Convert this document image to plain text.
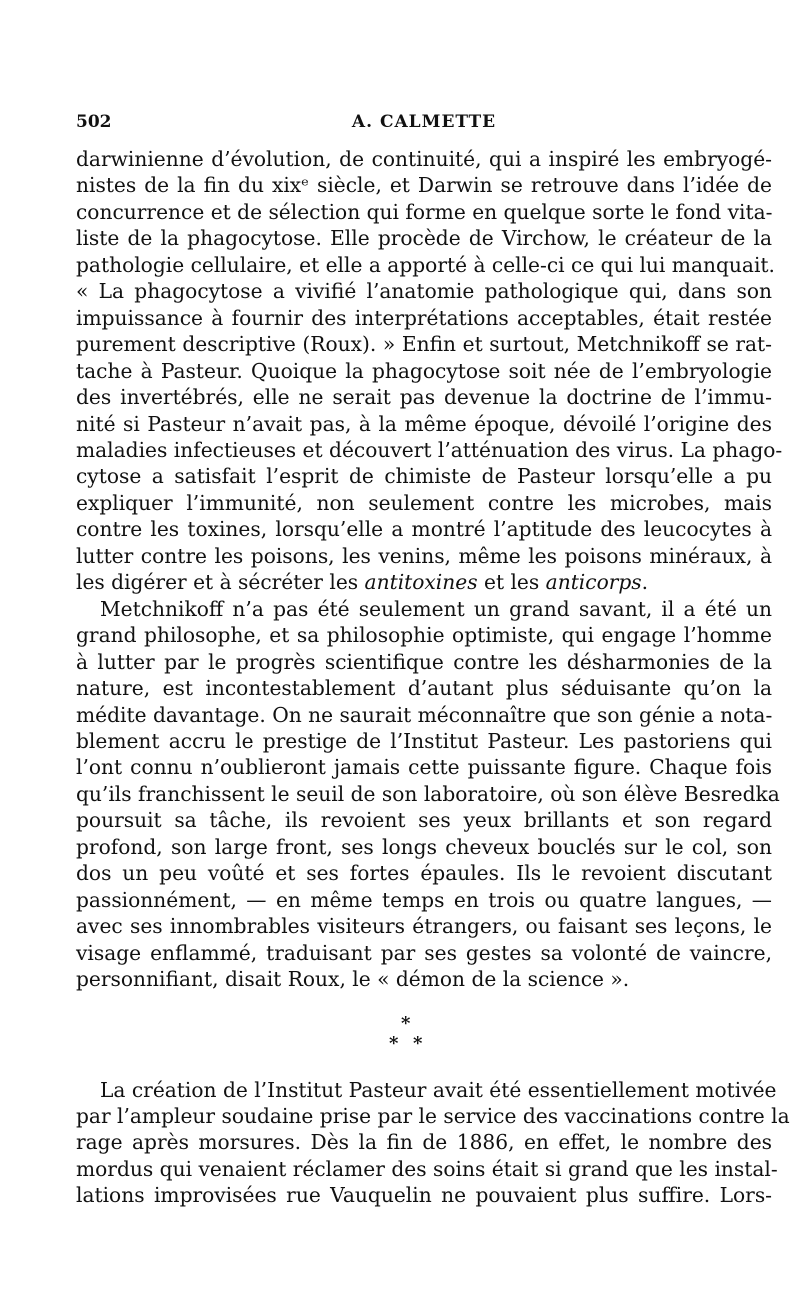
502	A. CALMETTE
darwinienne d’évolution, de continuité, qui a inspiré les embryogé-
nistes de la fin du xixᵉ siècle, et Darwin se retrouve dans l’idée de
concurrence et de sélection qui forme en quelque sorte le fond vita-
liste de la phagocytose. Elle procède de Virchow, le créateur de la
pathologie cellulaire, et elle a apporté à celle-ci ce qui lui manquait.
« La phagocytose a vivifié l’anatomie pathologique qui, dans son
impuissance à fournir des interprétations acceptables, était restée
purement descriptive (Roux). » Enfin et surtout, Metchnikoff se rat-
tache à Pasteur. Quoique la phagocytose soit née de l’embryologie
des invertébrés, elle ne serait pas devenue la doctrine de l’immu-
nité si Pasteur n’avait pas, à la même époque, dévoilé l’origine des
maladies infectieuses et découvert l’atténuation des virus. La phago-
cytose a satisfait l’esprit de chimiste de Pasteur lorsqu’elle a pu
expliquer l’immunité, non seulement contre les microbes, mais
contre les toxines, lorsqu’elle a montré l’aptitude des leucocytes à
lutter contre les poisons, les venins, même les poisons minéraux, à
les digérer et à sécréter les antitoxines et les anticorps.
Metchnikoff n’a pas été seulement un grand savant, il a été un
grand philosophe, et sa philosophie optimiste, qui engage l’homme
à lutter par le progrès scientifique contre les désharmonies de la
nature, est incontestablement d’autant plus séduisante qu’on la
médite davantage. On ne saurait méconnaître que son génie a nota-
blement accru le prestige de l’Institut Pasteur. Les pastoriens qui
l’ont connu n’oublieront jamais cette puissante figure. Chaque fois
qu’ils franchissent le seuil de son laboratoire, où son élève Besredka
poursuit sa tâche, ils revoient ses yeux brillants et son regard
profond, son large front, ses longs cheveux bouclés sur le col, son
dos un peu voûté et ses fortes épaules. Ils le revoient discutant
passionnément, — en même temps en trois ou quatre langues, —
avec ses innombrables visiteurs étrangers, ou faisant ses leçons, le
visage enflammé, traduisant par ses gestes sa volonté de vaincre,
personnifiant, disait Roux, le « démon de la science ».
*
* *
La création de l’Institut Pasteur avait été essentiellement motivée
par l’ampleur soudaine prise par le service des vaccinations contre la
rage après morsures. Dès la fin de 1886, en effet, le nombre des
mordus qui venaient réclamer des soins était si grand que les instal-
lations improvisées rue Vauquelin ne pouvaient plus suffire. Lors-
